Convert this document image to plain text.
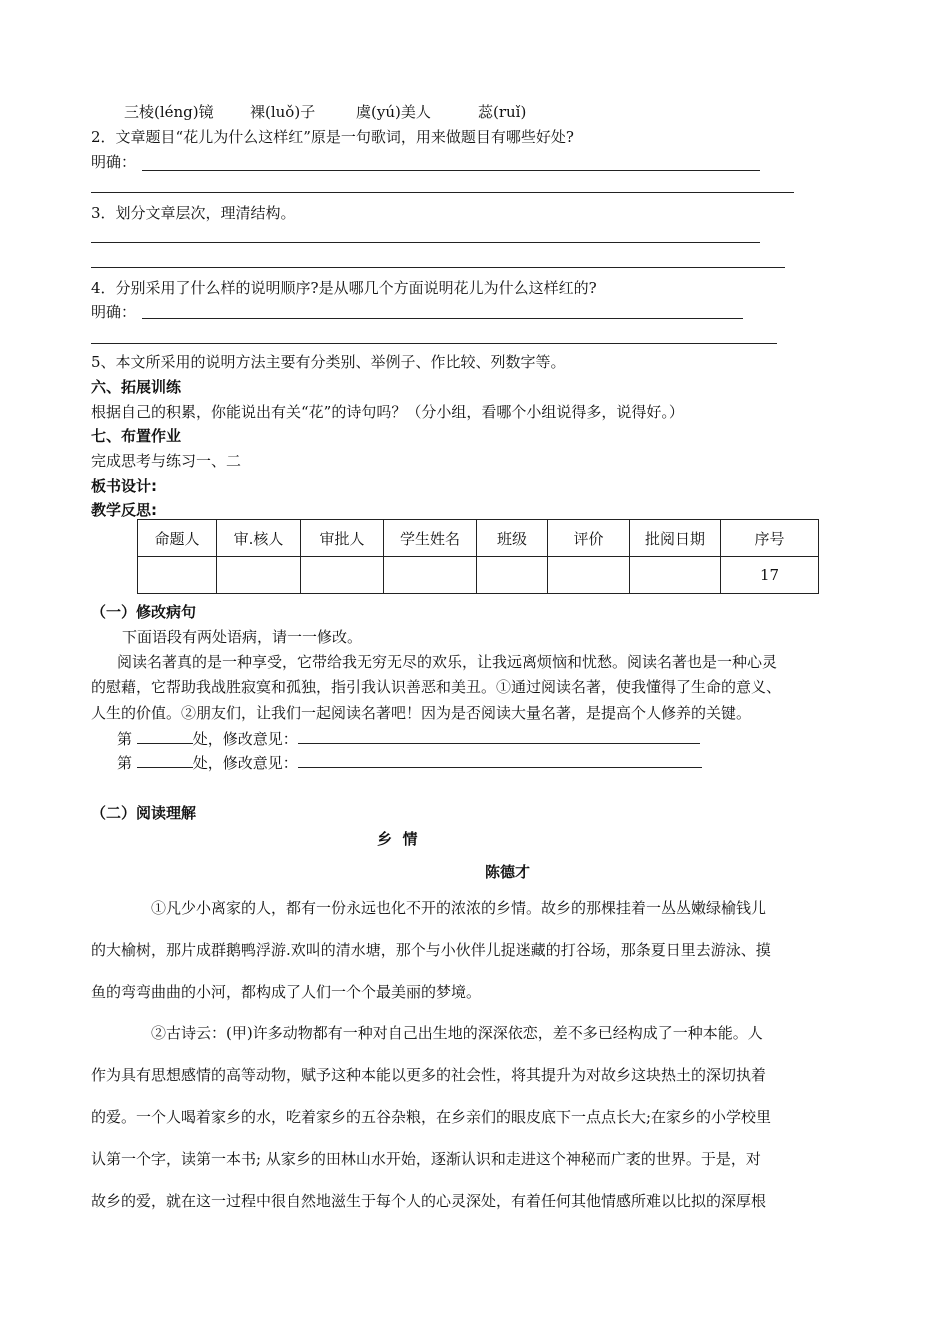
三棱(léng)镜 裸(luǒ)子	虞(yú)美人	蕊(ruǐ)
2．文章题目“花儿为什么这样红”原是一句歌词，用来做题目有哪些好处?
明确：
3．划分文章层次，理清结构。
4．分别采用了什么样的说明顺序?是从哪几个方面说明花儿为什么这样红的?
明确：
5、本文所采用的说明方法主要有分类别、举例子、作比较、列数字等。
六、拓展训练
根据自己的积累，你能说出有关“花”的诗句吗？（分小组，看哪个小组说得多，说得好。）
七、布置作业
完成思考与练习一、二
板书设计:
教学反思:
命题人	审.核人	审批人	学生姓名	班级	评价	批阅日期	序号
							17
（一）修改病句
下面语段有两处语病，请一一修改。
阅读名著真的是一种享受，它带给我无穷无尽的欢乐，让我远离烦恼和忧愁。阅读名著也是一种心灵
的慰藉，它帮助我战胜寂寞和孤独，指引我认识善恶和美丑。①通过阅读名著，使我懂得了生命的意义、
人生的价值。②朋友们，让我们一起阅读名著吧！因为是否阅读大量名著，是提高个人修养的关键。
第	处，修改意见：
第	处，修改意见：
（二）阅读理解
乡  情
陈德才
①凡少小离家的人，都有一份永远也化不开的浓浓的乡情。故乡的那棵挂着一丛丛嫩绿榆钱儿
的大榆树，那片成群鹅鸭浮游.欢叫的清水塘，那个与小伙伴儿捉迷藏的打谷场，那条夏日里去游泳、摸
鱼的弯弯曲曲的小河，都构成了人们一个个最美丽的梦境。
②古诗云：(甲)许多动物都有一种对自己出生地的深深依恋，差不多已经构成了一种本能。人
作为具有思想感情的高等动物，赋予这种本能以更多的社会性，将其提升为对故乡这块热土的深切执着
的爱。一个人喝着家乡的水，吃着家乡的五谷杂粮，在乡亲们的眼皮底下一点点长大;在家乡的小学校里
认第一个字，读第一本书; 从家乡的田林山水开始，逐渐认识和走进这个神秘而广袤的世界。于是，对
故乡的爱，就在这一过程中很自然地滋生于每个人的心灵深处，有着任何其他情感所难以比拟的深厚根
